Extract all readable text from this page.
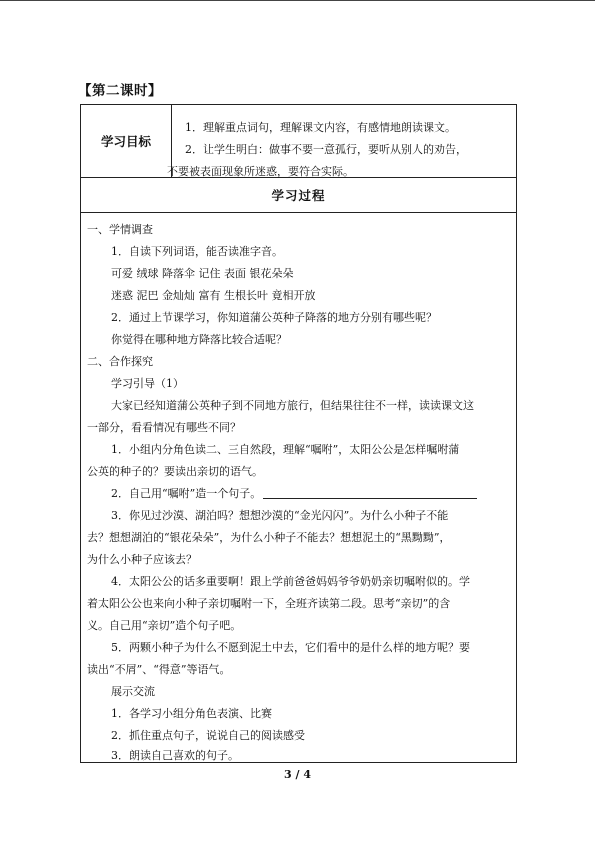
【第二课时】
学习目标
1．理解重点词句，理解课文内容，有感情地朗读课文。
2．让学生明白：做事不要一意孤行，要听从别人的劝告，
不要被表面现象所迷惑，要符合实际。
学习过程
一、学情调查
1．自读下列词语，能否读准字音。
可爱 绒球 降落伞 记住 表面 银花朵朵
迷惑 泥巴 金灿灿 富有 生根长叶 竟相开放
2．通过上节课学习，你知道蒲公英种子降落的地方分别有哪些呢？
你觉得在哪种地方降落比较合适呢？
二、合作探究
学习引导（1）
大家已经知道蒲公英种子到不同地方旅行，但结果往往不一样，读读课文这
一部分，看看情况有哪些不同？
1．小组内分角色读二、三自然段，理解“嘱咐”，太阳公公是怎样嘱咐蒲
公英的种子的？要读出亲切的语气。
2．自己用“嘱咐”造一个句子。
3．你见过沙漠、湖泊吗？想想沙漠的“金光闪闪”。为什么小种子不能
去？想想湖泊的“银花朵朵”，为什么小种子不能去？想想泥土的“黑黝黝”，
为什么小种子应该去？
4．太阳公公的话多重要啊！跟上学前爸爸妈妈爷爷奶奶亲切嘱咐似的。学
着太阳公公也来向小种子亲切嘱咐一下，全班齐读第二段。思考“亲切”的含
义。自己用“亲切”造个句子吧。
5．两颗小种子为什么不愿到泥土中去，它们看中的是什么样的地方呢？要
读出“不屑”、“得意”等语气。
展示交流
1．各学习小组分角色表演、比赛
2．抓住重点句子，说说自己的阅读感受
3．朗读自己喜欢的句子。
3 / 4
